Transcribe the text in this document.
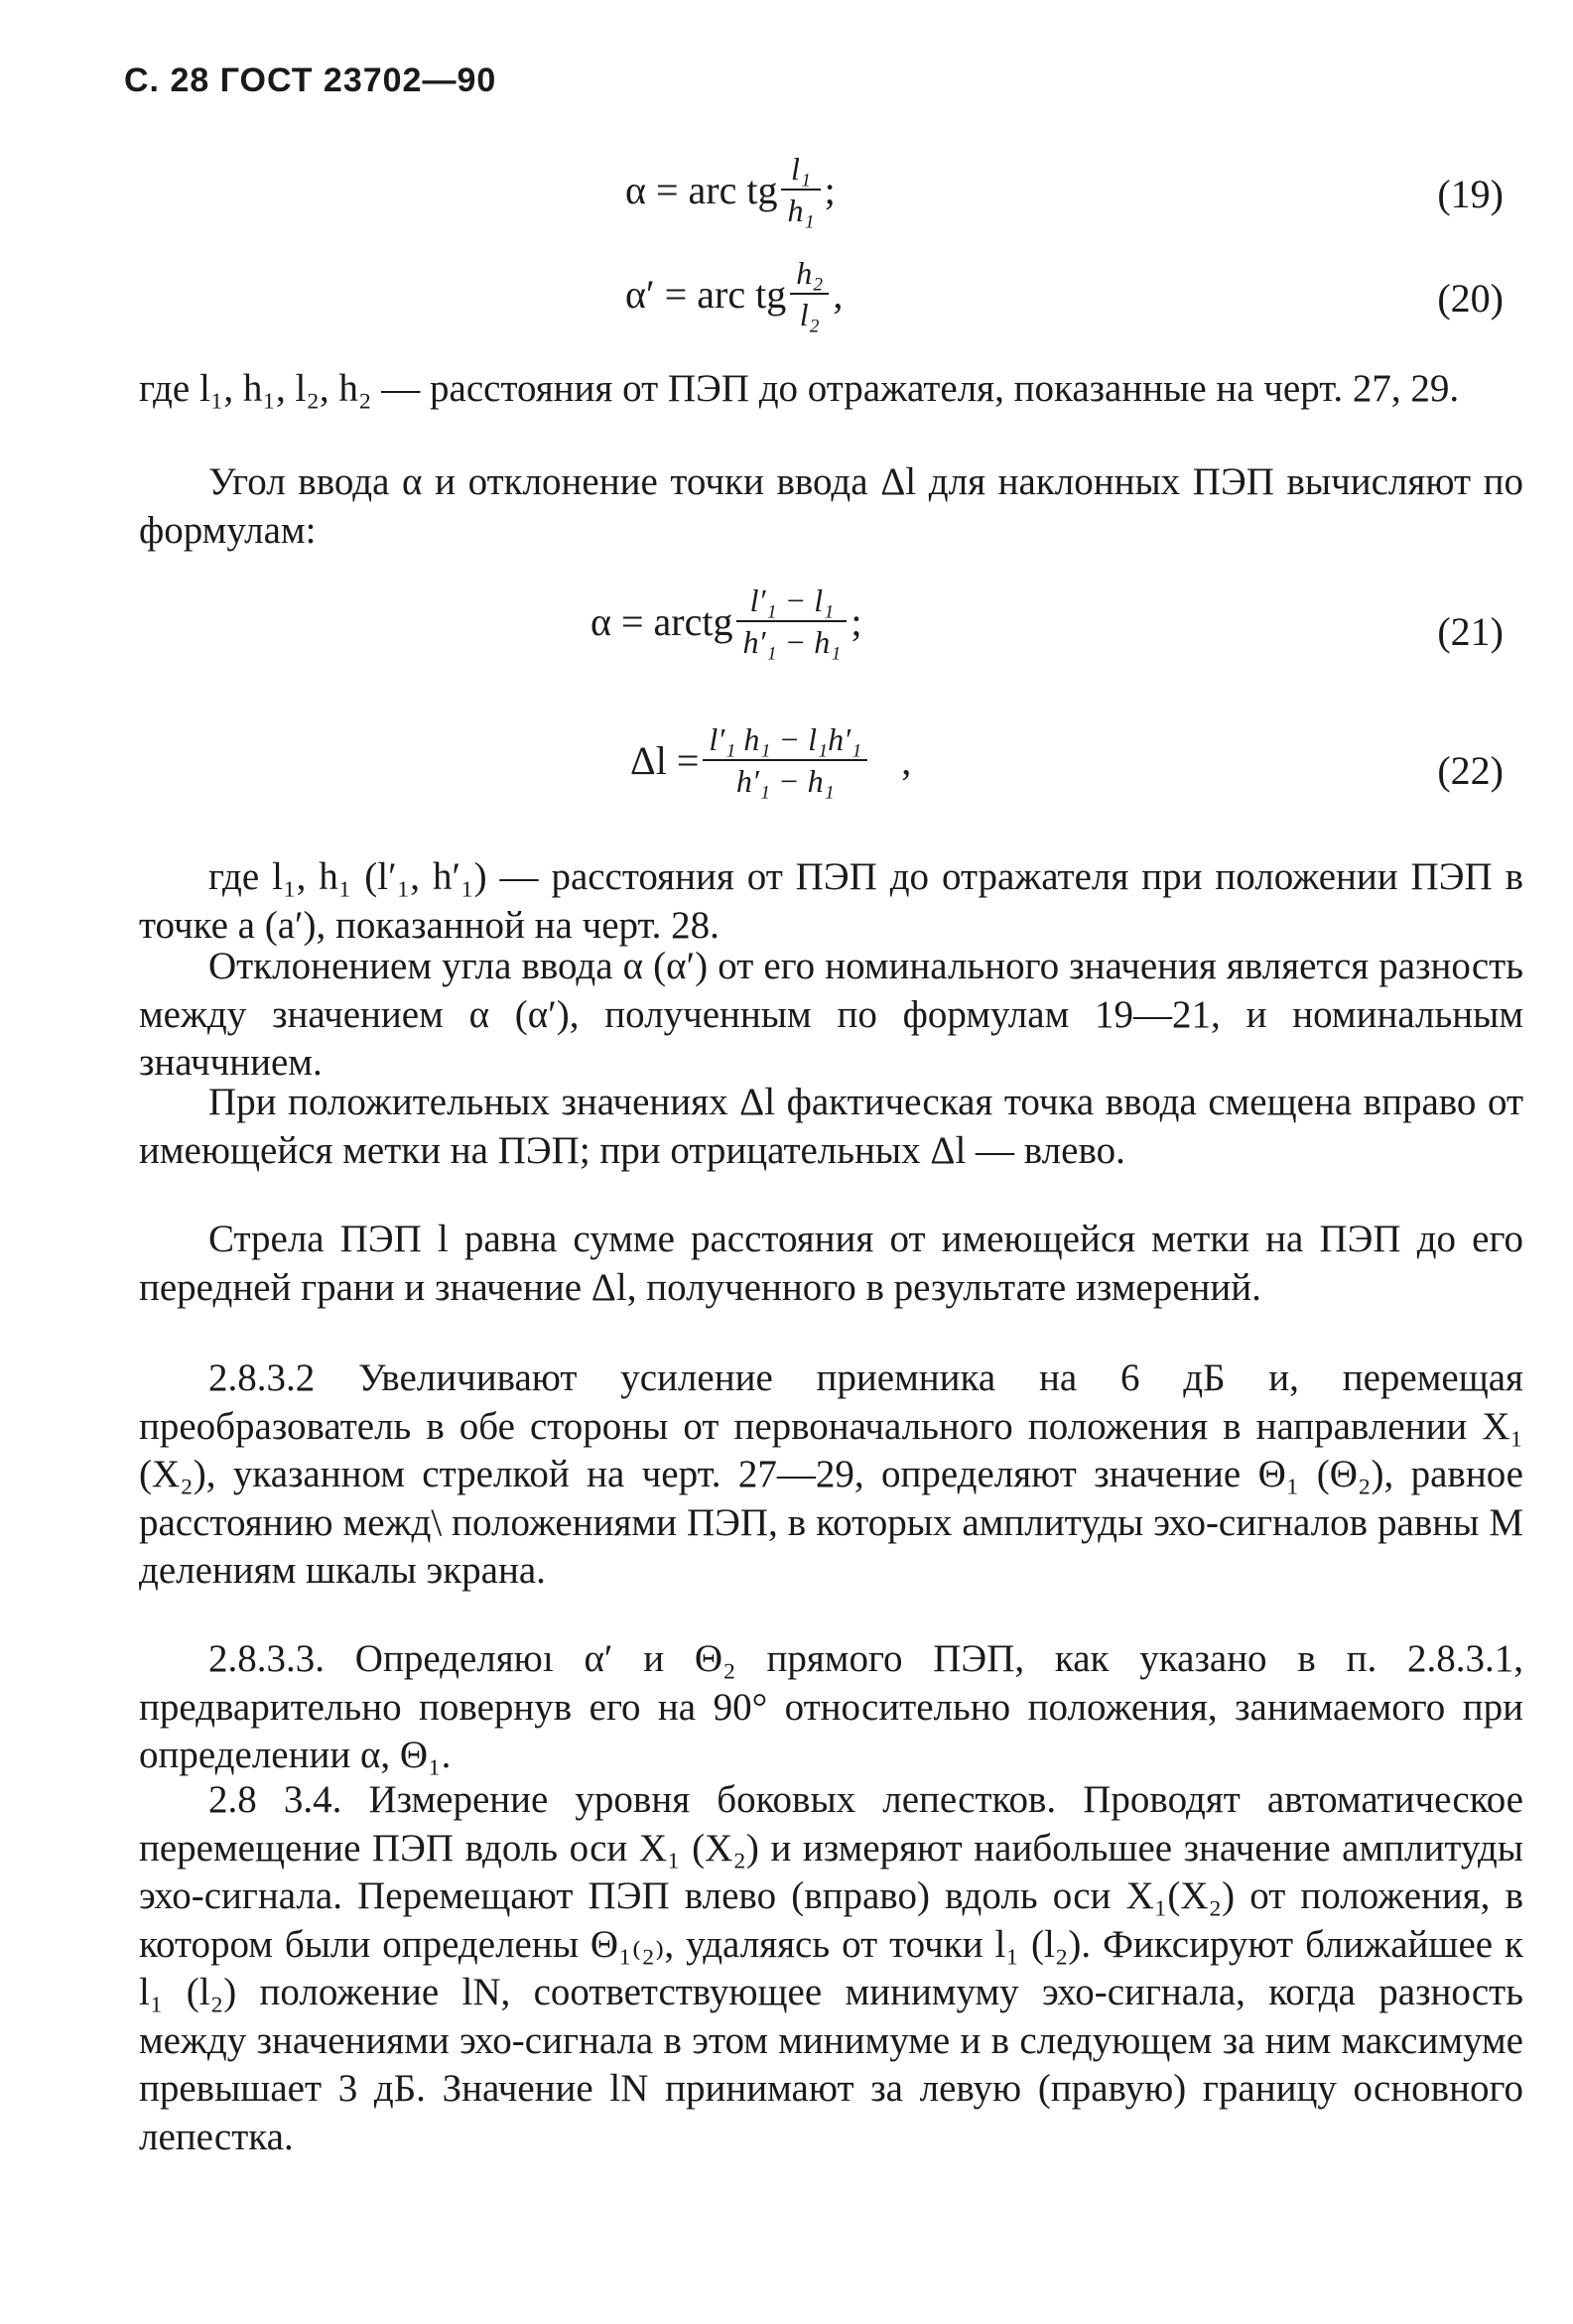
С. 28 ГОСТ 23702—90
α = arc tg $\frac{\text{l₁}}{\text{h₁}}$ ;	(19)
α′ = arc tg $\frac{\text{h₂}}{\text{l₂}}$ ,	(20)

где l₁, h₁, l₂, h₂ — расстояния от ПЭП до отражателя, показанные на черт. 27, 29.

Угол ввода α и отклонение точки ввода Δl для наклонных ПЭП вычисляют по формулам:

α = arctg $\frac{\text{l′₁ − l₁}}{\text{h′₁ − h₁}}$ ;	(21)
$\Delta l = \frac{\text{l′₁ h₁ − l₁h′₁}}{\text{h′₁ − h₁}}$ ,	(22)

где l₁, h₁ (l′₁, h′₁) — расстояния от ПЭП до отражателя при положении ПЭП в точке a (a′), показанной на черт. 28.

Отклонением угла ввода α (α′) от его номинального значения является разность между значением α (α′), полученным по формулам 19—21, и номинальным значчнием.

При положительных значениях Δl фактическая точка ввода смещена вправо от имеющейся метки на ПЭП; при отрицательных Δl — влево.

Стрела ПЭП l равна сумме расстояния от имеющейся метки на ПЭП до его передней грани и значение Δl, полученного в результате измерений.

2.8.3.2 Увеличивают усиление приемника на 6 дБ и, перемещая преобразователь в обе стороны от первоначального положения в направлении X₁ (X₂), указанном стрелкой на черт. 27—29, определяют значение Θ₁ (Θ₂), равное расстоянию межд\ положениями ПЭП, в которых амплитуды эхо-сигналов равны M делениям шкалы экрана.

2.8.3.3. Определяюı α′ и Θ₂ прямого ПЭП, как указано в п. 2.8.3.1, предварительно повернув его на 90° относительно положения, занимаемого при определении α, Θ₁.

2.8 3.4. Измерение уровня боковых лепестков. Проводят автоматическое перемещение ПЭП вдоль оси X₁ (X₂) и измеряют наибольшее значение амплитуды эхо-сигнала. Перемещают ПЭП влево (вправо) вдоль оси X₁(X₂) от положения, в котором были определены Θ₁₍₂₎, удаляясь от точки l₁ (l₂). Фиксируют ближайшее к l₁ (l₂) положение lN, соответствующее минимуму эхо-сигнала, когда разность между значениями эхо-сигнала в этом минимуме и в следующем за ним максимуме превышает 3 дБ. Значение lN принимают за левую (правую) границу основного лепестка.
